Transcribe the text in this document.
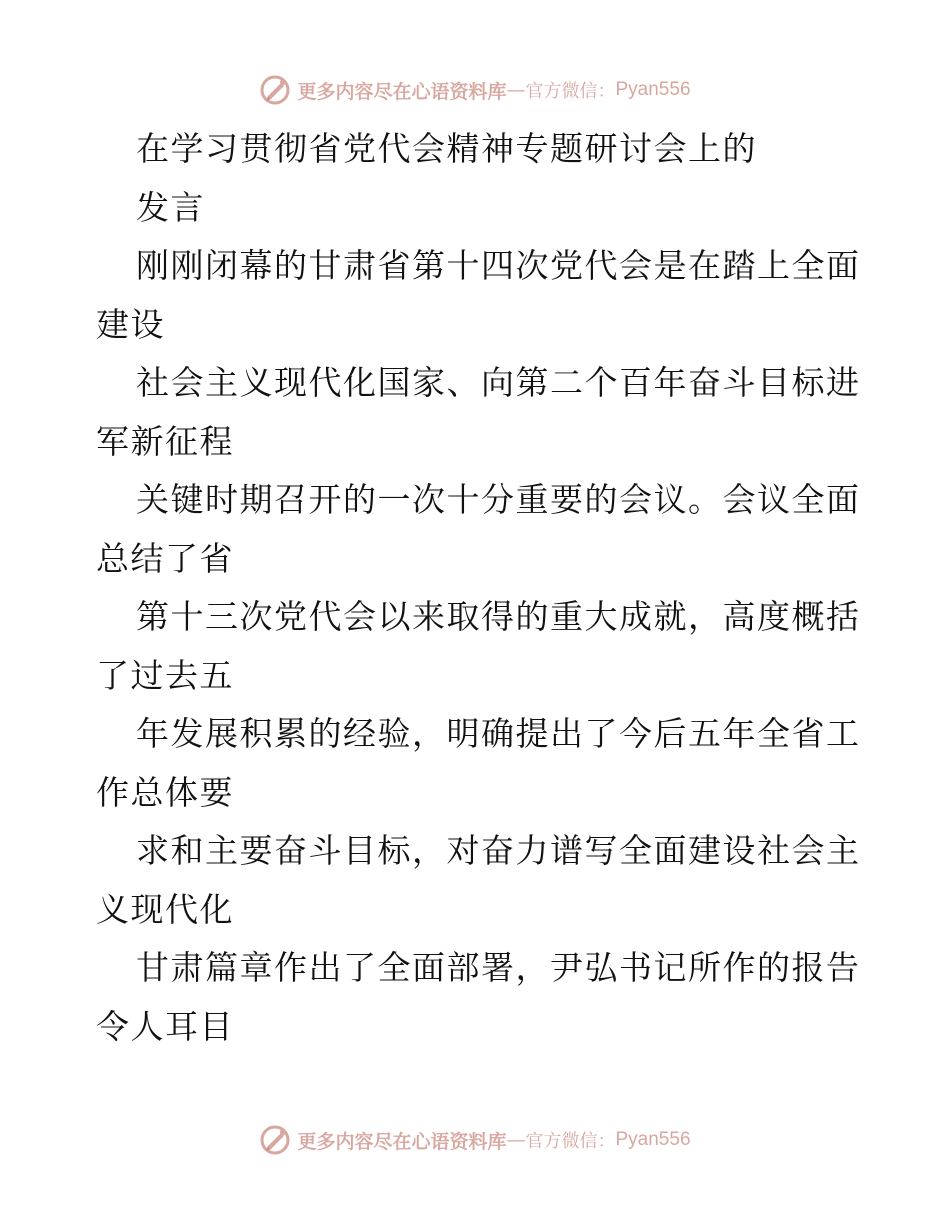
更多内容尽在心语资料库 — 官方微信： Pyan556
在学习贯彻省党代会精神专题研讨会上的
发言
刚刚闭幕的甘肃省第十四次党代会是在踏上全面
建设
社会主义现代化国家、向第二个百年奋斗目标进
军新征程
关键时期召开的一次十分重要的会议。会议全面
总结了省
第十三次党代会以来取得的重大成就，高度概括
了过去五
年发展积累的经验，明确提出了今后五年全省工
作总体要
求和主要奋斗目标，对奋力谱写全面建设社会主
义现代化
甘肃篇章作出了全面部署，尹弘书记所作的报告
令人耳目
更多内容尽在心语资料库 — 官方微信： Pyan556
